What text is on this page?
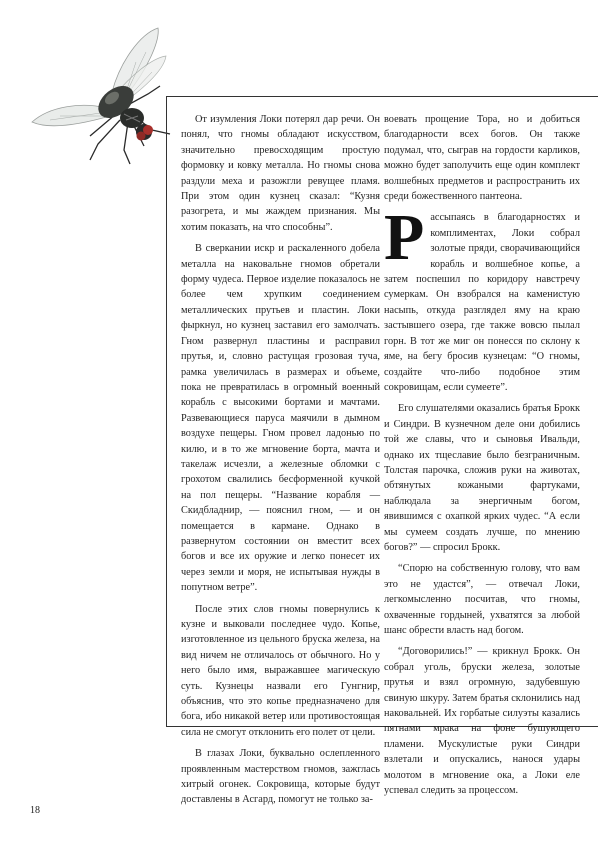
От изумления Локи потерял дар речи. Он понял, что гномы обладают искусством, значительно превосходящим простую формовку и ковку металла. Но гномы снова раздули меха и разожгли ревущее пламя. При этом один кузнец сказал: “Кузня разогрета, и мы жаждем признания. Мы хотим показать, на что способны”.

В сверкании искр и раскаленного добела металла на наковальне гномов обретали форму чудеса. Первое изделие показалось не более чем хрупким соединением металлических прутьев и пластин. Локи фыркнул, но кузнец заставил его замолчать. Гном развернул пластины и расправил прутья, и, словно растущая грозовая туча, рамка увеличилась в размерах и объеме, пока не превратилась в огромный военный корабль с высокими бортами и мачтами. Развевающиеся паруса маячили в дымном воздухе пещеры. Гном провел ладонью по килю, и в то же мгновение борта, мачта и такелаж исчезли, а железные обломки с грохотом свалились бесформенной кучкой на пол пещеры. “Название корабля — Скидбладнир, — пояснил гном, — и он помещается в кармане. Однако в развернутом состоянии он вместит всех богов и все их оружие и легко понесет их через земли и моря, не испытывая нужды в попутном ветре”.

После этих слов гномы повернулись к кузне и выковали последнее чудо. Копье, изготовленное из цельного бруска железа, на вид ничем не отличалось от обычного. Но у него было имя, выражавшее магическую суть. Кузнецы назвали его Гунгнир, объяснив, что это копье предназначено для бога, ибо никакой ветер или противостоящая сила не смогут отклонить его полет от цели.

В глазах Локи, буквально ослепленного проявленным мастерством гномов, зажглась хитрый огонек. Сокровища, которые будут доставлены в Асгард, помогут не только за-

воевать прощение Тора, но и добиться благодарности всех богов. Он также подумал, что, сыграв на гордости карликов, можно будет заполучить еще один комплект волшебных предметов и распространить их среди божественного пантеона.

Рассыпаясь в благодарностях и комплиментах, Локи собрал золотые пряди, сворачивающийся корабль и волшебное копье, а затем поспешил по коридору навстречу сумеркам. Он взобрался на каменистую насыпь, откуда разглядел яму на краю застывшего озера, где также вовсю пылал горн. В тот же миг он понесся по склону к яме, на бегу бросив кузнецам: “О гномы, создайте что-либо подобное этим сокровищам, если сумеете”.

Его слушателями оказались братья Брокк и Синдри. В кузнечном деле они добились той же славы, что и сыновья Ивальди, однако их тщеславие было безграничным. Толстая парочка, сложив руки на животах, обтянутых кожаными фартуками, наблюдала за энергичным богом, явившимся с охапкой ярких чудес. “А если мы сумеем создать лучше, по мнению богов?” — спросил Брокк.

“Спорю на собственную голову, что вам это не удастся”, — отвечал Локи, легкомысленно посчитав, что гномы, охваченные гордыней, ухватятся за любой шанс обрести власть над богом.

“Договорились!” — крикнул Брокк. Он собрал уголь, бруски железа, золотые прутья и взял огромную, задубевшую свиную шкуру. Затем братья склонились над наковальней. Их горбатые силуэты казались пятнами мрака на фоне бушующего пламени. Мускулистые руки Синдри взлетали и опускались, нанося удары молотом в мгновение ока, а Локи еле успевал следить за процессом.

18
